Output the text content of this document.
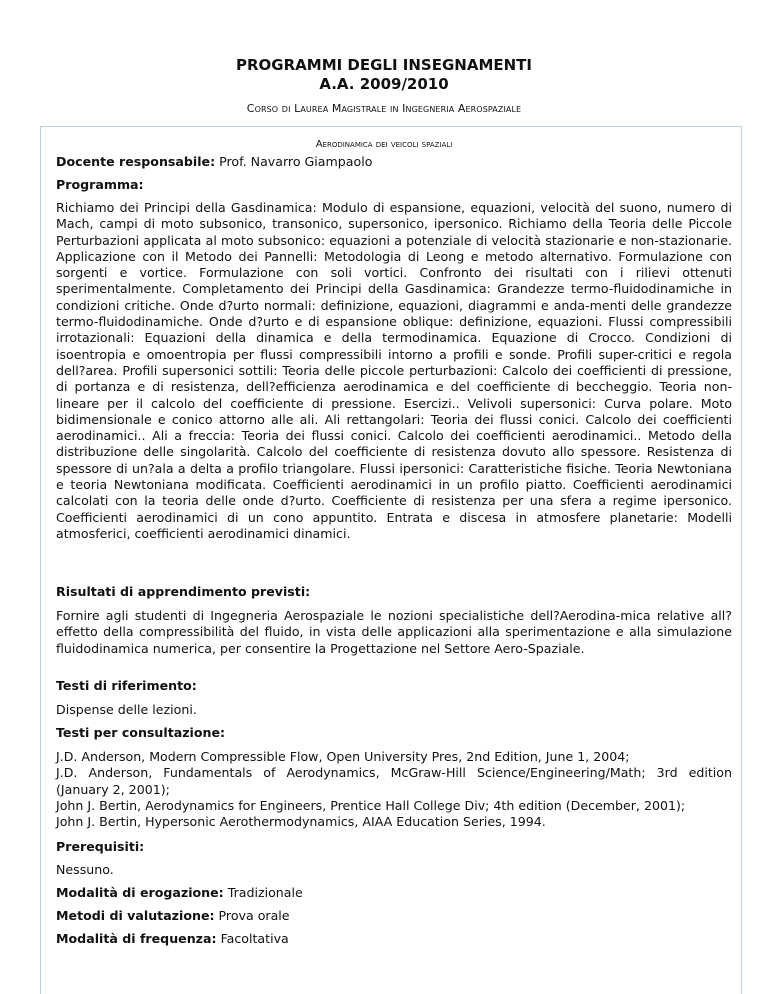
PROGRAMMI DEGLI INSEGNAMENTI
A.A. 2009/2010
Corso di Laurea Magistrale in Ingegneria Aerospaziale
Aerodinamica dei veicoli spaziali
Docente responsabile: Prof. Navarro Giampaolo
Programma:

Richiamo dei Principi della Gasdinamica: Modulo di espansione, equazioni, velocità del suono, numero di Mach, campi di moto subsonico, transonico, supersonico, ipersonico. Richiamo della Teoria delle Piccole Perturbazioni applicata al moto subsonico: equazioni a potenziale di velocità stazionarie e non-stazionarie. Applicazione con il Metodo dei Pannelli: Metodologia di Leong e metodo alternativo. Formulazione con sorgenti e vortice. Formulazione con soli vortici. Confronto dei risultati con i rilievi ottenuti sperimentalmente. Completamento dei Principi della Gasdinamica: Grandezze termo-fluidodinamiche in condizioni critiche. Onde d?urto normali: definizione, equazioni, diagrammi e anda-menti delle grandezze termo-fluidodinamiche. Onde d?urto e di espansione oblique: definizione, equazioni. Flussi compressibili irrotazionali: Equazioni della dinamica e della termodinamica. Equazione di Crocco. Condizioni di isoentropia e omoentropia per flussi compressibili intorno a profili e sonde. Profili super-critici e regola dell?area. Profili supersonici sottili: Teoria delle piccole perturbazioni: Calcolo dei coefficienti di pressione, di portanza e di resistenza, dell?efficienza aerodinamica e del coefficiente di beccheggio. Teoria non-lineare per il calcolo del coefficiente di pressione. Esercizi.. Velivoli supersonici: Curva polare. Moto bidimensionale e conico attorno alle ali. Ali rettangolari: Teoria dei flussi conici. Calcolo dei coefficienti aerodinamici.. Ali a freccia: Teoria dei flussi conici. Calcolo dei coefficienti aerodinamici.. Metodo della distribuzione delle singolarità. Calcolo del coefficiente di resistenza dovuto allo spessore. Resistenza di spessore di un?ala a delta a profilo triangolare. Flussi ipersonici: Caratteristiche fisiche. Teoria Newtoniana e teoria Newtoniana modificata. Coefficienti aerodinamici in un profilo piatto. Coefficienti aerodinamici calcolati con la teoria delle onde d?urto. Coefficiente di resistenza per una sfera a regime ipersonico. Coefficienti aerodinamici di un cono appuntito. Entrata e discesa in atmosfere planetarie: Modelli atmosferici, coefficienti aerodinamici dinamici.

Risultati di apprendimento previsti:

Fornire agli studenti di Ingegneria Aerospaziale le nozioni specialistiche dell?Aerodina-mica relative all?effetto della compressibilità del fluido, in vista delle applicazioni alla sperimentazione e alla simulazione fluidodinamica numerica, per consentire la Progettazione nel Settore Aero-Spaziale.

Testi di riferimento:

Dispense delle lezioni.

Testi per consultazione:

J.D. Anderson, Modern Compressible Flow, Open University Pres, 2nd Edition, June 1, 2004;

J.D. Anderson, Fundamentals of Aerodynamics, McGraw-Hill Science/Engineering/Math; 3rd edition (January 2, 2001);

John J. Bertin, Aerodynamics for Engineers, Prentice Hall College Div; 4th edition (December, 2001);

John J. Bertin, Hypersonic Aerothermodynamics, AIAA Education Series, 1994.

Prerequisiti:

Nessuno.

Modalità di erogazione: Tradizionale
Metodi di valutazione: Prova orale
Modalità di frequenza: Facoltativa
